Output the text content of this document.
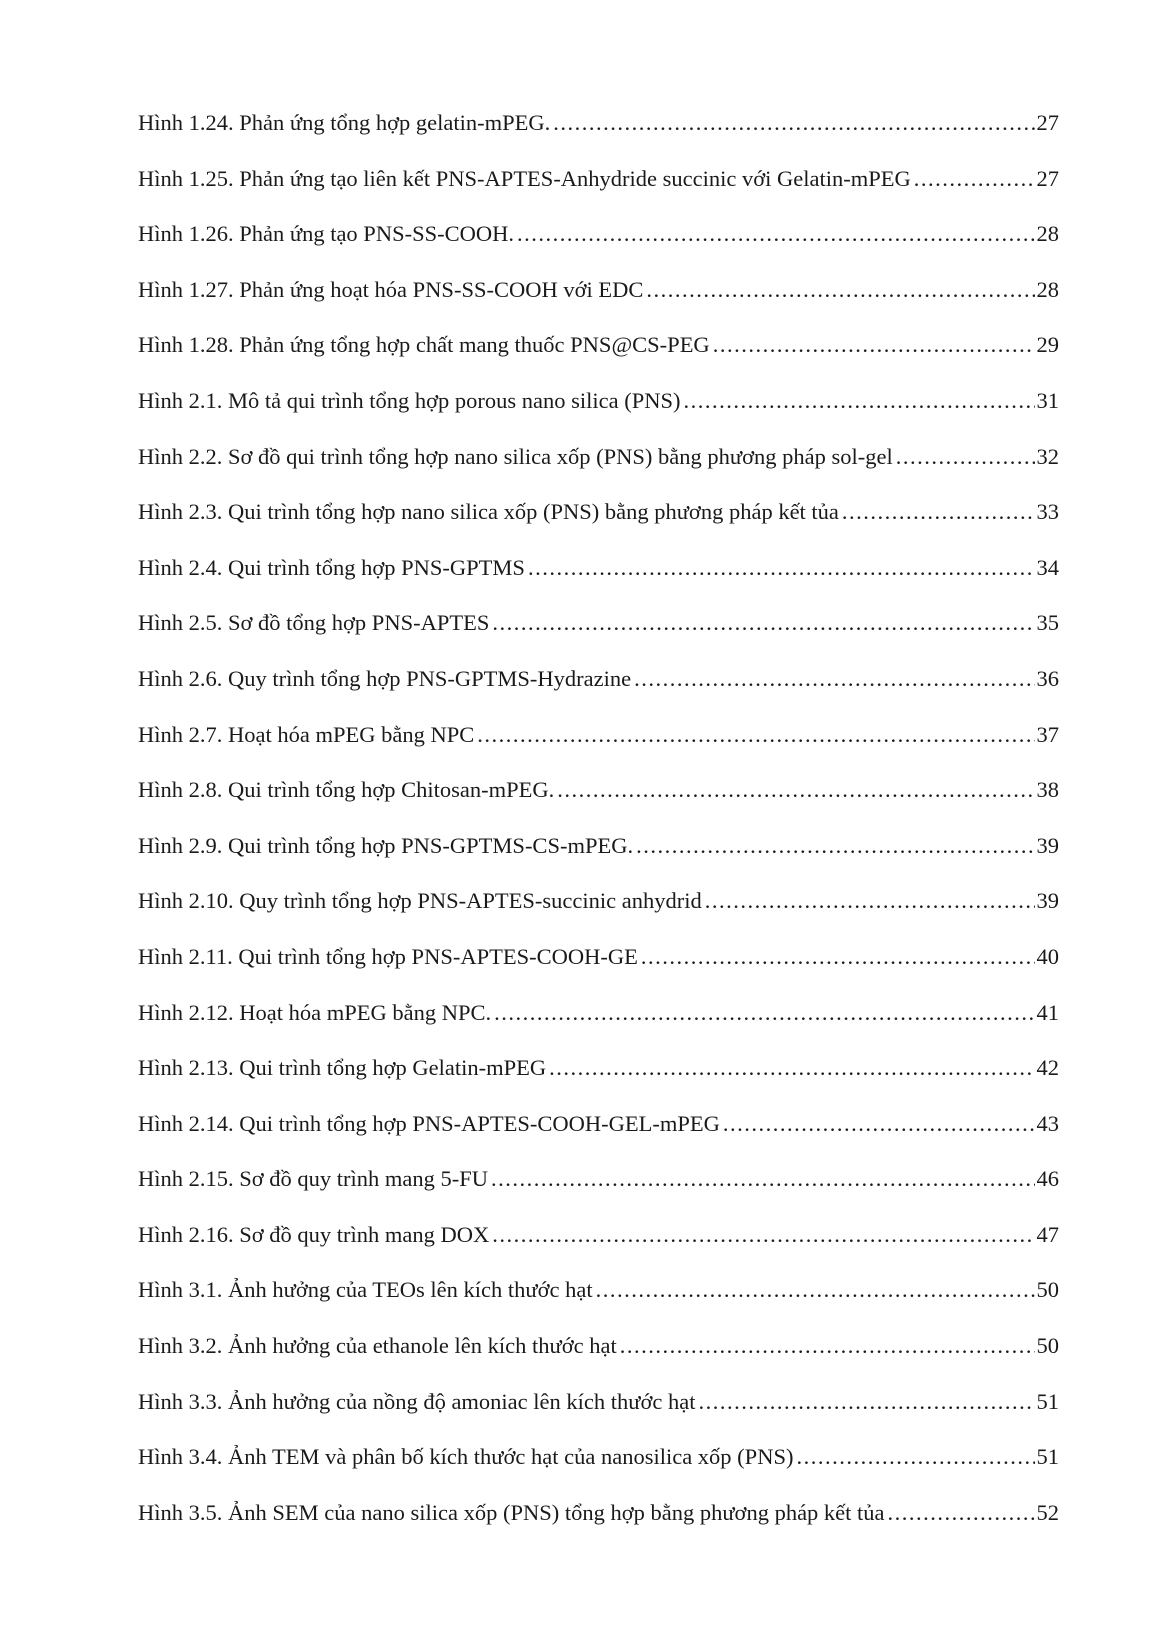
Hình 1.24. Phản ứng tổng hợp gelatin-mPEG. .....	27
Hình 1.25. Phản ứng tạo liên kết PNS-APTES-Anhydride succinic với Gelatin-mPEG .....	27
Hình 1.26. Phản ứng tạo PNS-SS-COOH. .....	28
Hình 1.27. Phản ứng hoạt hóa PNS-SS-COOH với EDC .....	28
Hình 1.28. Phản ứng tổng hợp chất mang thuốc PNS@CS-PEG .....	29
Hình 2.1. Mô tả qui trình tổng hợp porous nano silica (PNS) .....	31
Hình 2.2. Sơ đồ qui trình tổng hợp nano silica xốp (PNS) bằng phương pháp sol-gel .....	32
Hình 2.3. Qui trình tổng hợp nano silica xốp (PNS) bằng phương pháp kết tủa .....	33
Hình 2.4. Qui trình tổng hợp PNS-GPTMS .....	34
Hình 2.5. Sơ đồ tổng hợp PNS-APTES .....	35
Hình 2.6. Quy trình tổng hợp PNS-GPTMS-Hydrazine .....	36
Hình 2.7. Hoạt hóa mPEG bằng NPC .....	37
Hình 2.8. Qui trình tổng hợp Chitosan-mPEG. .....	38
Hình 2.9. Qui trình tổng hợp PNS-GPTMS-CS-mPEG. .....	39
Hình 2.10. Quy trình tổng hợp PNS-APTES-succinic anhydrid .....	39
Hình 2.11. Qui trình tổng hợp PNS-APTES-COOH-GE .....	40
Hình 2.12. Hoạt hóa mPEG bằng NPC. .....	41
Hình 2.13. Qui trình tổng hợp Gelatin-mPEG .....	42
Hình 2.14. Qui trình tổng hợp PNS-APTES-COOH-GEL-mPEG .....	43
Hình 2.15. Sơ đồ quy trình mang 5-FU .....	46
Hình 2.16. Sơ đồ quy trình mang DOX .....	47
Hình 3.1. Ảnh hưởng của TEOs lên kích thước hạt .....	50
Hình 3.2. Ảnh hưởng của ethanole lên kích thước hạt .....	50
Hình 3.3. Ảnh hưởng của nồng độ amoniac lên kích thước hạt .....	51
Hình 3.4. Ảnh TEM và phân bố kích thước hạt của nanosilica xốp (PNS) .....	51
Hình 3.5. Ảnh SEM của nano silica xốp (PNS) tổng hợp bằng phương pháp kết tủa .....	52
